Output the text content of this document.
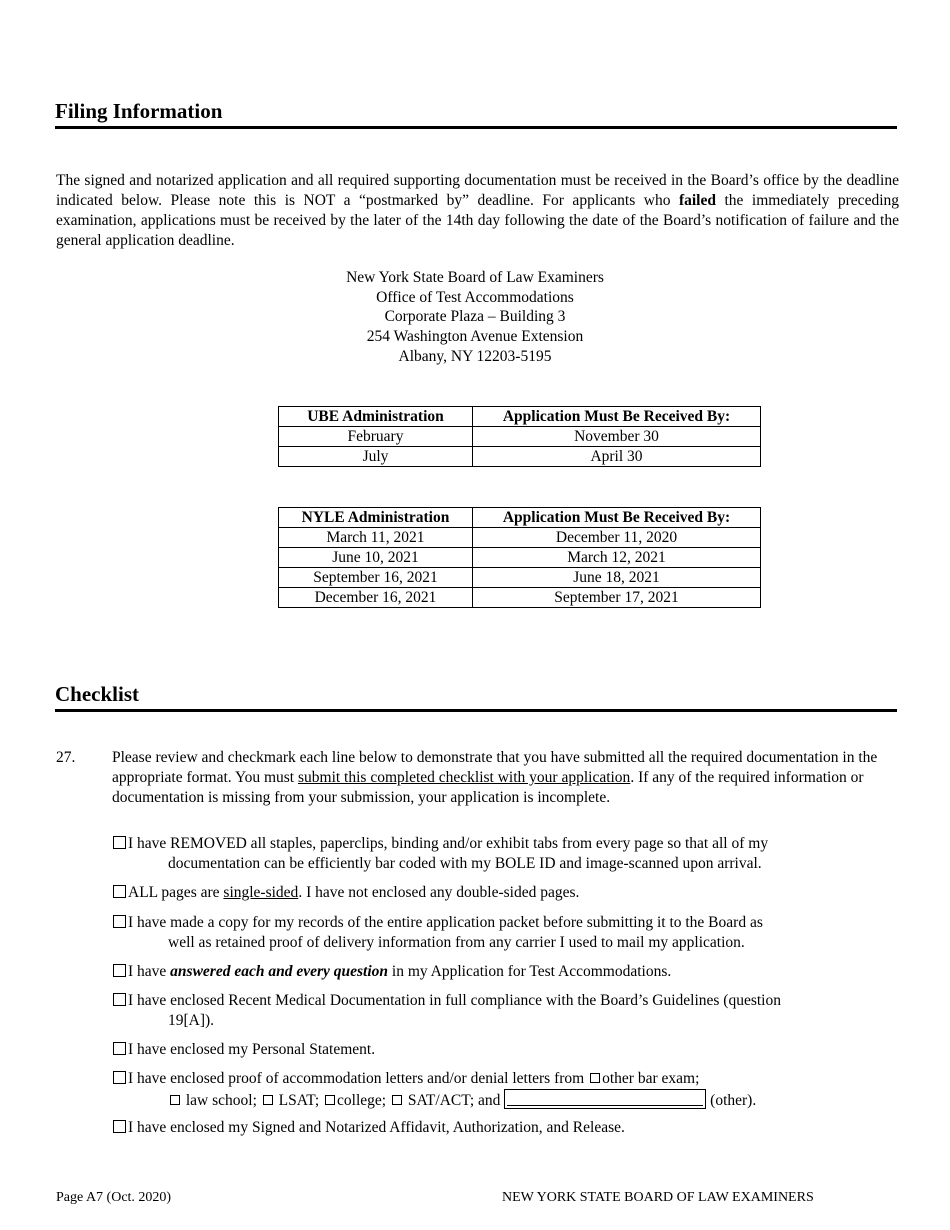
Filing Information
The signed and notarized application and all required supporting documentation must be received in the Board’s office by the deadline indicated below. Please note this is NOT a “postmarked by” deadline. For applicants who failed the immediately preceding examination, applications must be received by the later of the 14th day following the date of the Board’s notification of failure and the general application deadline.
New York State Board of Law Examiners
Office of Test Accommodations
Corporate Plaza – Building 3
254 Washington Avenue Extension
Albany, NY 12203-5195
UBE Administration	Application Must Be Received By:
February	November 30
July	April 30
NYLE Administration	Application Must Be Received By:
March 11, 2021	December 11, 2020
June 10, 2021	March 12, 2021
September 16, 2021	June 18, 2021
December 16, 2021	September 17, 2021
Checklist
27. Please review and checkmark each line below to demonstrate that you have submitted all the required documentation in the appropriate format. You must submit this completed checklist with your application. If any of the required information or documentation is missing from your submission, your application is incomplete.
I have REMOVED all staples, paperclips, binding and/or exhibit tabs from every page so that all of my
documentation can be efficiently bar coded with my BOLE ID and image-scanned upon arrival.
ALL pages are single-sided. I have not enclosed any double-sided pages.
I have made a copy for my records of the entire application packet before submitting it to the Board as
well as retained proof of delivery information from any carrier I used to mail my application.
I have answered each and every question in my Application for Test Accommodations.
I have enclosed Recent Medical Documentation in full compliance with the Board’s Guidelines (question
19[A]).
I have enclosed my Personal Statement.
I have enclosed proof of accommodation letters and/or denial letters from other bar exam;
law school; LSAT; college; SAT/ACT; and	(other).
I have enclosed my Signed and Notarized Affidavit, Authorization, and Release.
Page A7 (Oct. 2020)	NEW YORK STATE BOARD OF LAW EXAMINERS
